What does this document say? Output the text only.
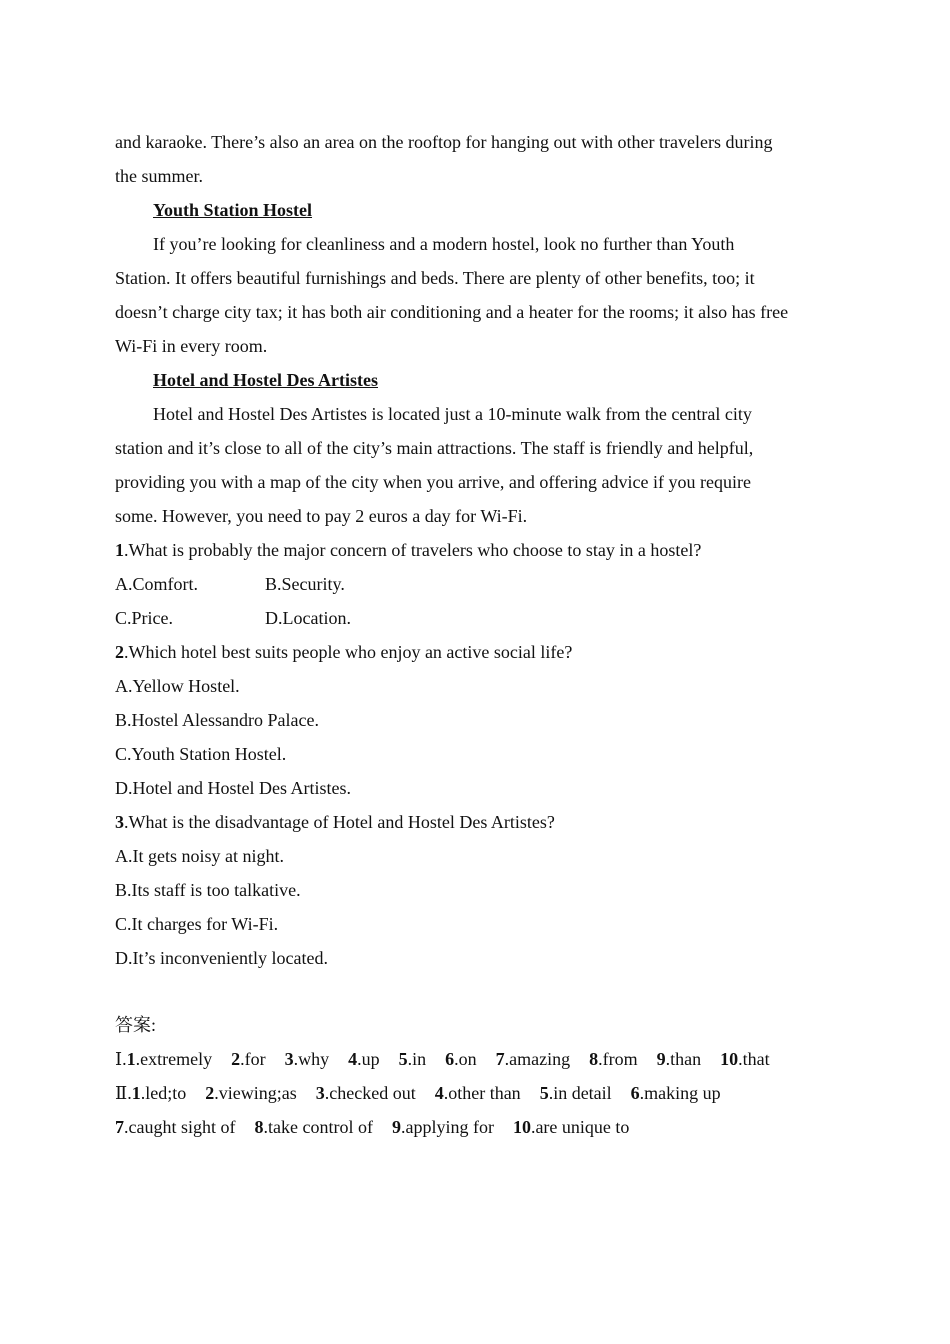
and karaoke. There’s also an area on the rooftop for hanging out with other travelers during
the summer.
Youth Station Hostel
If you’re looking for cleanliness and a modern hostel, look no further than Youth
Station. It offers beautiful furnishings and beds. There are plenty of other benefits, too; it
doesn’t charge city tax; it has both air conditioning and a heater for the rooms; it also has free
Wi-Fi in every room.
Hotel and Hostel Des Artistes
Hotel and Hostel Des Artistes is located just a 10-minute walk from the central city
station and it’s close to all of the city’s main attractions. The staff is friendly and helpful,
providing you with a map of the city when you arrive, and offering advice if you require
some. However, you need to pay 2 euros a day for Wi-Fi.
1.What is probably the major concern of travelers who choose to stay in a hostel?
A.Comfort.	B.Security.
C.Price.	D.Location.
2.Which hotel best suits people who enjoy an active social life?
A.Yellow Hostel.
B.Hostel Alessandro Palace.
C.Youth Station Hostel.
D.Hotel and Hostel Des Artistes.
3.What is the disadvantage of Hotel and Hostel Des Artistes?
A.It gets noisy at night.
B.Its staff is too talkative.
C.It charges for Wi-Fi.
D.It’s inconveniently located.
答案:
Ⅰ. 1.extremely 2.for 3.why 4.up 5.in 6.on 7.amazing 8.from 9.than 10.that
Ⅱ. 1.led;to 2.viewing;as 3.checked out 4.other than 5.in detail 6.making up
7.caught sight of 8.take control of 9.applying for 10.are unique to
